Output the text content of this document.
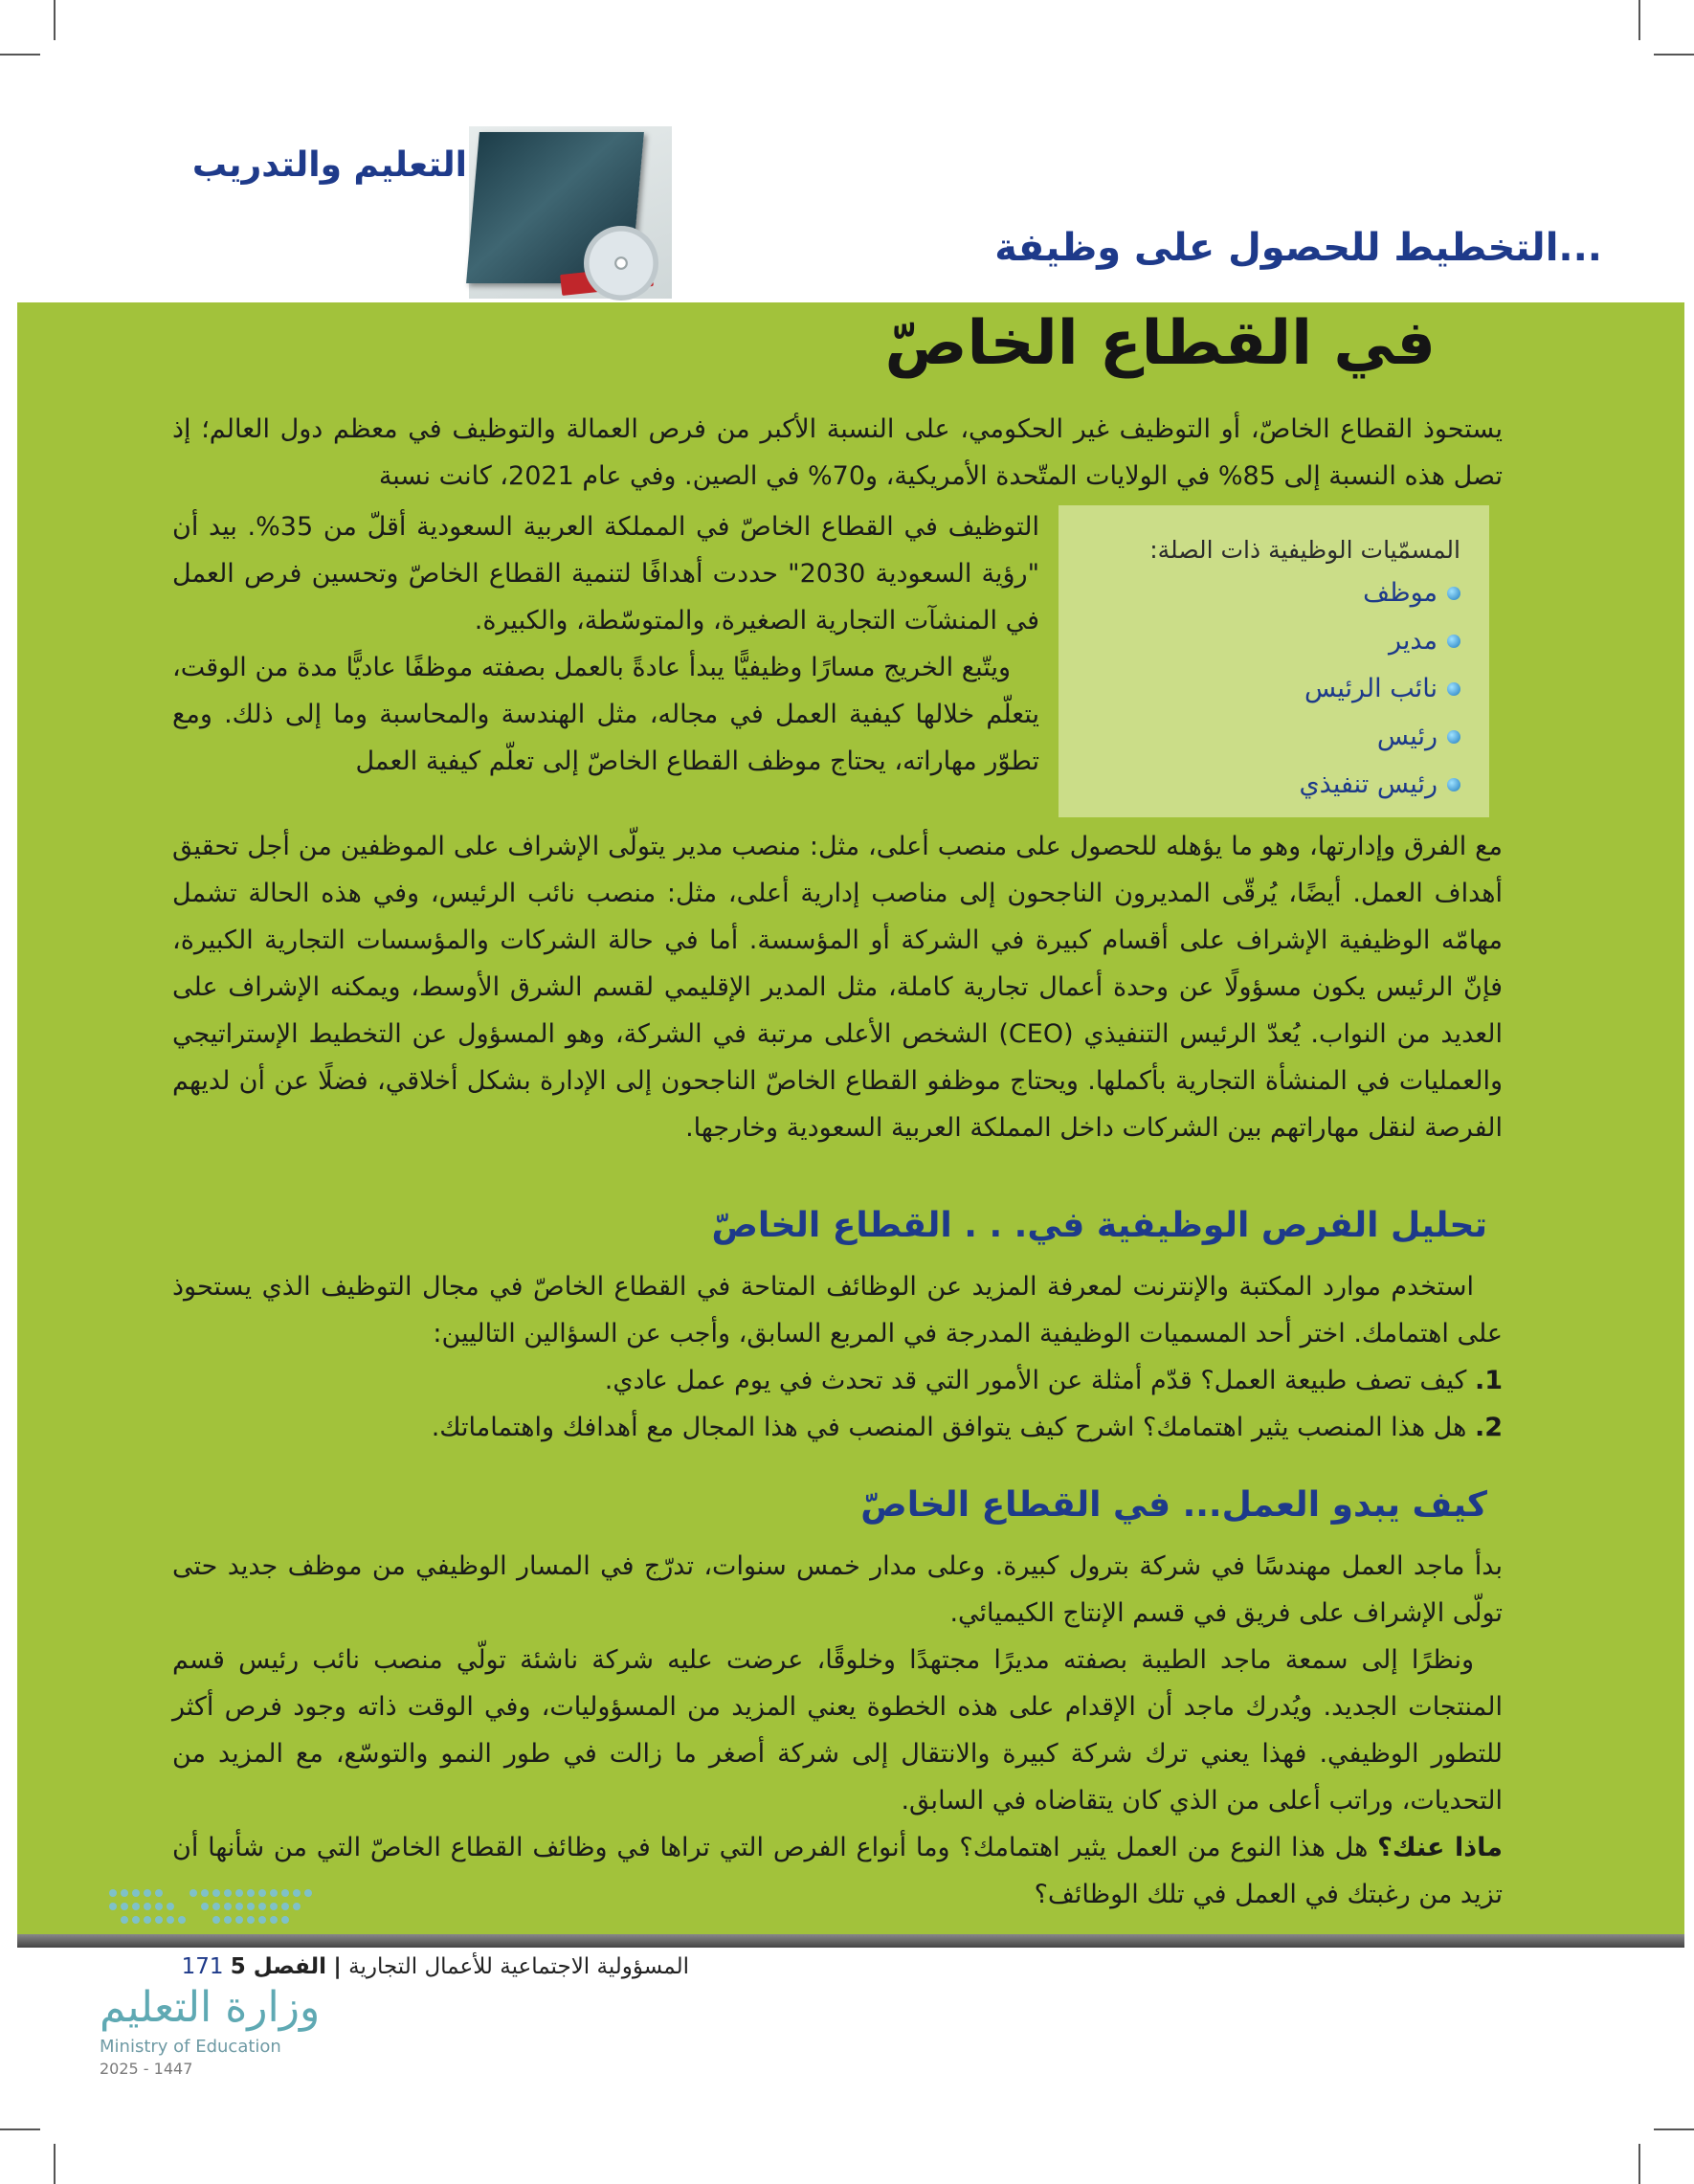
التعليم والتدريب
التخطيط للحصول على وظيفة...
في القطاع الخاصّ

يستحوذ القطاع الخاصّ، أو التوظيف غير الحكومي، على النسبة الأكبر من فرص العمالة والتوظيف في معظم دول العالم؛ إذ تصل هذه النسبة إلى 85% في الولايات المتّحدة الأمريكية، و70% في الصين. وفي عام 2021، كانت نسبة

التوظيف في القطاع الخاصّ في المملكة العربية السعودية أقلّ من 35%. بيد أن "رؤية السعودية 2030" حددت أهدافًا لتنمية القطاع الخاصّ وتحسين فرص العمل في المنشآت التجارية الصغيرة، والمتوسّطة، والكبيرة.

ويتّبع الخريج مسارًا وظيفيًّا يبدأ عادةً بالعمل بصفته موظفًا عاديًّا مدة من الوقت، يتعلّم خلالها كيفية العمل في مجاله، مثل الهندسة والمحاسبة وما إلى ذلك. ومع تطوّر مهاراته، يحتاج موظف القطاع الخاصّ إلى تعلّم كيفية العمل

المسمّيات الوظيفية ذات الصلة:
موظف
مدير
نائب الرئيس
رئيس
رئيس تنفيذي

مع الفرق وإدارتها، وهو ما يؤهله للحصول على منصب أعلى، مثل: منصب مدير يتولّى الإشراف على الموظفين من أجل تحقيق أهداف العمل. أيضًا، يُرقّى المديرون الناجحون إلى مناصب إدارية أعلى، مثل: منصب نائب الرئيس، وفي هذه الحالة تشمل مهامّه الوظيفية الإشراف على أقسام كبيرة في الشركة أو المؤسسة. أما في حالة الشركات والمؤسسات التجارية الكبيرة، فإنّ الرئيس يكون مسؤولًا عن وحدة أعمال تجارية كاملة، مثل المدير الإقليمي لقسم الشرق الأوسط، ويمكنه الإشراف على العديد من النواب. يُعدّ الرئيس التنفيذي (CEO) الشخص الأعلى مرتبة في الشركة، وهو المسؤول عن التخطيط الإستراتيجي والعمليات في المنشأة التجارية بأكملها. ويحتاج موظفو القطاع الخاصّ الناجحون إلى الإدارة بشكل أخلاقي، فضلًا عن أن لديهم الفرصة لنقل مهاراتهم بين الشركات داخل المملكة العربية السعودية وخارجها.

تحليل الفرص الوظيفية في. . . القطاع الخاصّ

استخدم موارد المكتبة والإنترنت لمعرفة المزيد عن الوظائف المتاحة في القطاع الخاصّ في مجال التوظيف الذي يستحوذ على اهتمامك. اختر أحد المسميات الوظيفية المدرجة في المربع السابق، وأجب عن السؤالين التاليين:

1. كيف تصف طبيعة العمل؟ قدّم أمثلة عن الأمور التي قد تحدث في يوم عمل عادي.
2. هل هذا المنصب يثير اهتمامك؟ اشرح كيف يتوافق المنصب في هذا المجال مع أهدافك واهتماماتك.
كيف يبدو العمل... في القطاع الخاصّ

بدأ ماجد العمل مهندسًا في شركة بترول كبيرة. وعلى مدار خمس سنوات، تدرّج في المسار الوظيفي من موظف جديد حتى تولّى الإشراف على فريق في قسم الإنتاج الكيميائي.

ونظرًا إلى سمعة ماجد الطيبة بصفته مديرًا مجتهدًا وخلوقًا، عرضت عليه شركة ناشئة تولّي منصب نائب رئيس قسم المنتجات الجديد. ويُدرك ماجد أن الإقدام على هذه الخطوة يعني المزيد من المسؤوليات، وفي الوقت ذاته وجود فرص أكثر للتطور الوظيفي. فهذا يعني ترك شركة كبيرة والانتقال إلى شركة أصغر ما زالت في طور النمو والتوسّع، مع المزيد من التحديات، وراتب أعلى من الذي كان يتقاضاه في السابق.

ماذا عنك؟ هل هذا النوع من العمل يثير اهتمامك؟ وما أنواع الفرص التي تراها في وظائف القطاع الخاصّ التي من شأنها أن تزيد من رغبتك في العمل في تلك الوظائف؟

المسؤولية الاجتماعية للأعمال التجارية | الفصل 5 171
وزارة التعليم
Ministry of Education
2025 - 1447
